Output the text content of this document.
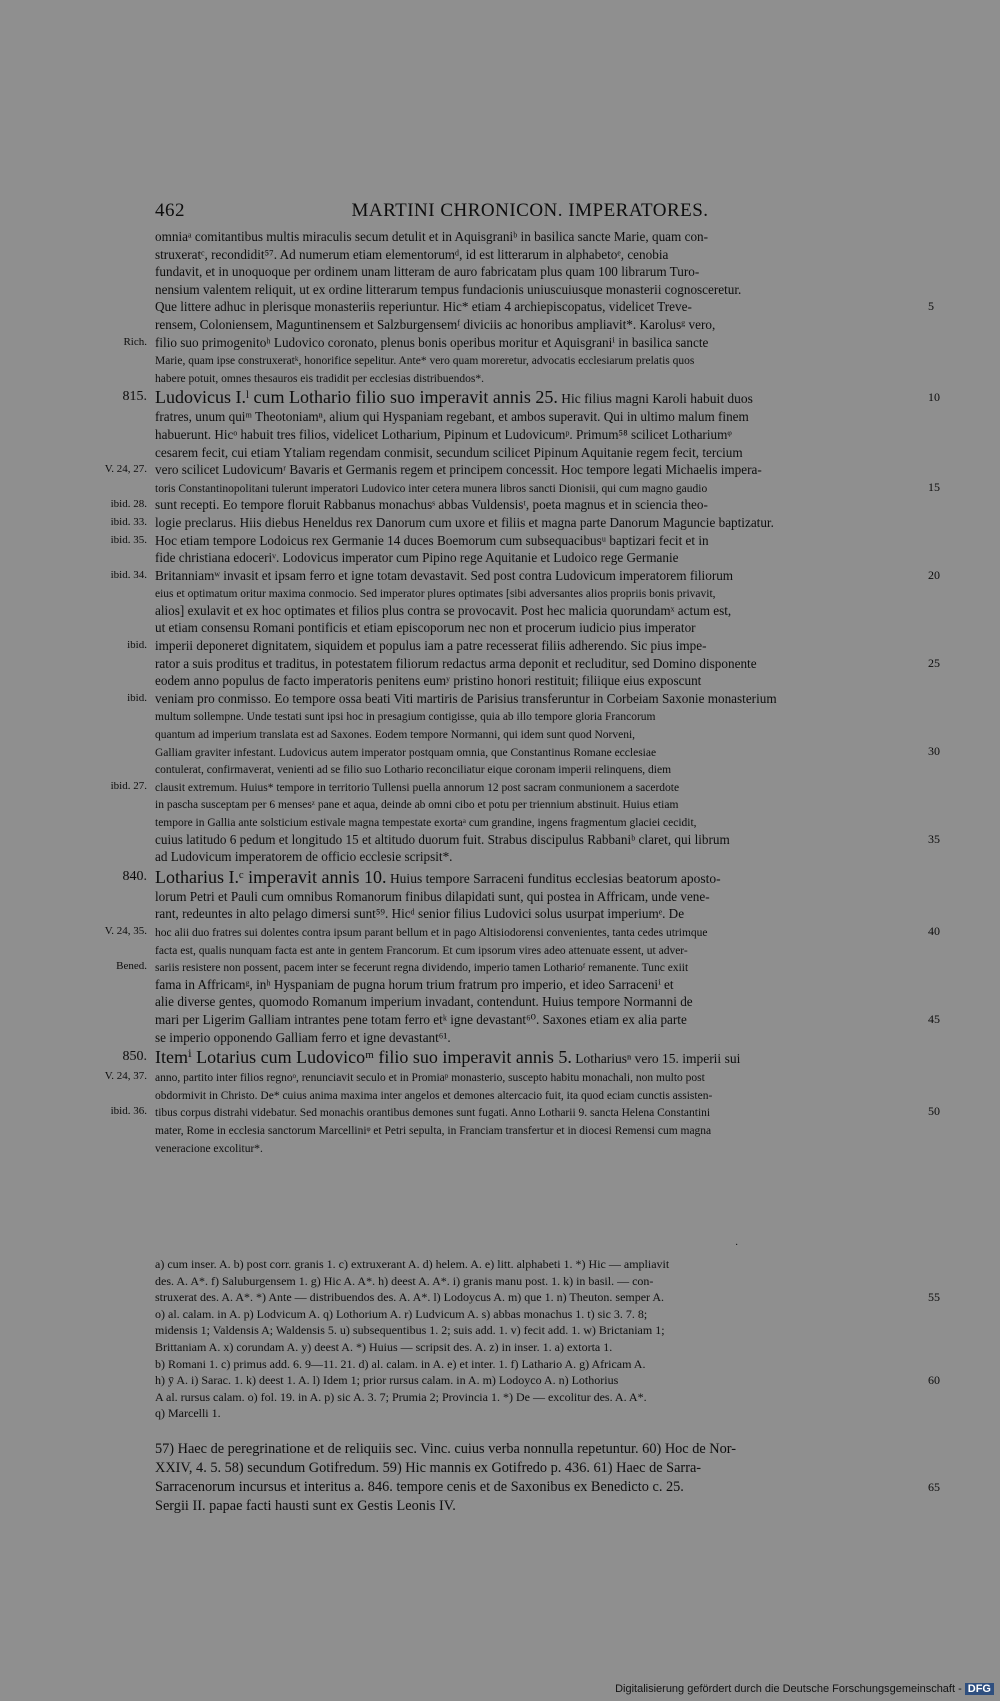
462	MARTINI CHRONICON. IMPERATORES.
omniaᵃ comitantibus multis miraculis secum detulit et in Aquisgraniᵇ in basilica sancte Marie, quam con-
struxeratᶜ, recondidit⁵⁷. Ad numerum etiam elementorumᵈ, id est litterarum in alphabetoᵉ, cenobia
fundavit, et in unoquoque per ordinem unam litteram de auro fabricatam plus quam 100 librarum Turo-
nensium valentem reliquit, ut ex ordine litterarum tempus fundacionis uniuscuiusque monasterii cognosceretur.
Que littere adhuc in plerisque monasteriis reperiuntur. Hic* etiam 4 archiepiscopatus, videlicet Treve-	5
rensem, Coloniensem, Maguntinensem et Salzburgensemᶠ diviciis ac honoribus ampliavit*. Karolusᵍ vero,
filio suo primogenitoʰ Ludovico coronato, plenus bonis operibus moritur et Aquisgraniⁱ in basilica sancte
Rich.
Marie, quam ipse construxeratᵏ, honorifice sepelitur. Ante* vero quam moreretur, advocatis ecclesiarum prelatis quos
habere potuit, omnes thesauros eis tradidit per ecclesias distribuendos*.
Ludovicus I.ˡ cum Lothario filio suo imperavit annis 25. Hic filius magni Karoli habuit duos
815.	10
fratres, unum quiᵐ Theotoniamⁿ, alium qui Hyspaniam regebant, et ambos superavit. Qui in ultimo malum finem
habuerunt. Hicᵒ habuit tres filios, videlicet Lotharium, Pipinum et Ludovicumᵖ. Primum⁵⁸ scilicet Lothariumᵠ
cesarem fecit, cui etiam Ytaliam regendam conmisit, secundum scilicet Pipinum Aquitanie regem fecit, tercium
vero scilicet Ludovicumʳ Bavaris et Germanis regem et principem concessit. Hoc tempore legati Michaelis impera-
V. 24, 27.
toris Constantinopolitani tulerunt imperatori Ludovico inter cetera munera libros sancti Dionisii, qui cum magno gaudio	15
sunt recepti. Eo tempore floruit Rabbanus monachusˢ abbas Vuldensisᵗ, poeta magnus et in sciencia theo-
ibid. 28.
logie preclarus. Hiis diebus Heneldus rex Danorum cum uxore et filiis et magna parte Danorum Maguncie baptizatur.
ibid. 33.
Hoc etiam tempore Lodoicus rex Germanie 14 duces Boemorum cum subsequacibusᵘ baptizari fecit et in
ibid. 35.
fide christiana edoceriᵛ. Lodovicus imperator cum Pipino rege Aquitanie et Ludoico rege Germanie
Britanniamʷ invasit et ipsam ferro et igne totam devastavit. Sed post contra Ludovicum imperatorem filiorum
ibid. 34.	20
eius et optimatum oritur maxima conmocio. Sed imperator plures optimates [sibi adversantes alios propriis bonis privavit,
alios] exulavit et ex hoc optimates et filios plus contra se provocavit. Post hec malicia quorundamˣ actum est,
ut etiam consensu Romani pontificis et etiam episcoporum nec non et procerum iudicio pius imperator
imperii deponeret dignitatem, siquidem et populus iam a patre recesserat filiis adherendo. Sic pius impe-
ibid.
rator a suis proditus et traditus, in potestatem filiorum redactus arma deponit et recluditur, sed Domino disponente	25
eodem anno populus de facto imperatoris penitens eumʸ pristino honori restituit; filiique eius exposcunt
veniam pro conmisso. Eo tempore ossa beati Viti martiris de Parisius transferuntur in Corbeiam Saxonie monasterium
ibid.
multum sollempne. Unde testati sunt ipsi hoc in presagium contigisse, quia ab illo tempore gloria Francorum
quantum ad imperium translata est ad Saxones. Eodem tempore Normanni, qui idem sunt quod Norveni,
Galliam graviter infestant. Ludovicus autem imperator postquam omnia, que Constantinus Romane ecclesiae	30
contulerat, confirmaverat, venienti ad se filio suo Lothario reconciliatur eique coronam imperii relinquens, diem
clausit extremum. Huius* tempore in territorio Tullensi puella annorum 12 post sacram conmunionem a sacerdote
ibid. 27.
in pascha susceptam per 6 mensesᶻ pane et aqua, deinde ab omni cibo et potu per triennium abstinuit. Huius etiam
tempore in Gallia ante solsticium estivale magna tempestate exortaᵃ cum grandine, ingens fragmentum glaciei cecidit,
cuius latitudo 6 pedum et longitudo 15 et altitudo duorum fuit. Strabus discipulus Rabbaniᵇ claret, qui librum	35
ad Ludovicum imperatorem de officio ecclesie scripsit*.
Lotharius I.ᶜ imperavit annis 10. Huius tempore Sarraceni funditus ecclesias beatorum aposto-
840.
lorum Petri et Pauli cum omnibus Romanorum finibus dilapidati sunt, qui postea in Affricam, unde vene-
rant, redeuntes in alto pelago dimersi sunt⁵⁹. Hicᵈ senior filius Ludovici solus usurpat imperiumᵉ. De
hoc alii duo fratres sui dolentes contra ipsum parant bellum et in pago Altisiodorensi convenientes, tanta cedes utrimque
V. 24, 35.	40
facta est, qualis nunquam facta est ante in gentem Francorum. Et cum ipsorum vires adeo attenuate essent, ut adver-
sariis resistere non possent, pacem inter se fecerunt regna dividendo, imperio tamen Lotharioᶠ remanente. Tunc exiit
Bened.
fama in Affricamᵍ, inʰ Hyspaniam de pugna horum trium fratrum pro imperio, et ideo Sarraceniⁱ et
alie diverse gentes, quomodo Romanum imperium invadant, contendunt. Huius tempore Normanni de
mari per Ligerim Galliam intrantes pene totam ferro etᵏ igne devastant⁶⁰. Saxones etiam ex alia parte	45
se imperio opponendo Galliam ferro et igne devastant⁶¹.
Itemⁱ Lotarius cum Ludovicoᵐ filio suo imperavit annis 5. Lothariusⁿ vero 15. imperii sui
850.
anno, partito inter filios regnoᵒ, renunciavit seculo et in Promiaᵖ monasterio, suscepto habitu monachali, non multo post
V. 24, 37.
obdormivit in Christo. De* cuius anima maxima inter angelos et demones altercacio fuit, ita quod eciam cunctis assisten-
tibus corpus distrahi videbatur. Sed monachis orantibus demones sunt fugati. Anno Lotharii 9. sancta Helena Constantini
ibid. 36.	50
mater, Rome in ecclesia sanctorum Marcelliniᵠ et Petri sepulta, in Franciam transfertur et in diocesi Remensi cum magna
veneracione excolitur*.
·
a) cum inser. A. b) post corr. granis 1. c) extruxerant A. d) helem. A. e) litt. alphabeti 1. *) Hic — ampliavit
des. A. A*. f) Saluburgensem 1. g) Hic A. A*. h) deest A. A*. i) granis manu post. 1. k) in basil. — con-
struxerat des. A. A*. *) Ante — distribuendos des. A. A*. l) Lodoycus A. m) que 1. n) Theuton. semper A.	55
o) al. calam. in A. p) Lodvicum A. q) Lothorium A. r) Ludvicum A. s) abbas monachus 1. t) sic 3. 7. 8;
midensis 1; Valdensis A; Waldensis 5. u) subsequentibus 1. 2; suis add. 1. v) fecit add. 1. w) Brictaniam 1;
Brittaniam A. x) corundam A. y) deest A. *) Huius — scripsit des. A. z) in inser. 1. a) extorta 1.
b) Romani 1. c) primus add. 6. 9—11. 21. d) al. calam. in A. e) et inter. 1. f) Lathario A. g) Africam A.
h) ȳ A. i) Sarac. 1. k) deest 1. A. l) Idem 1; prior rursus calam. in A. m) Lodoyco A. n) Lothorius	60
A al. rursus calam. o) fol. 19. in A. p) sic A. 3. 7; Prumia 2; Provincia 1. *) De — excolitur des. A. A*.
q) Marcelli 1.
57) Haec de peregrinatione et de reliquiis sec. Vinc. cuius verba nonnulla repetuntur. 60) Hoc de Nor-
XXIV, 4. 5. 58) secundum Gotifredum. 59) Hic mannis ex Gotifredo p. 436. 61) Haec de Sarra-
Sarracenorum incursus et interitus a. 846. tempore cenis et de Saxonibus ex Benedicto c. 25.	65
Sergii II. papae facti hausti sunt ex Gestis Leonis IV.
Digitalisierung gefördert durch die Deutsche Forschungsgemeinschaft - DFG
